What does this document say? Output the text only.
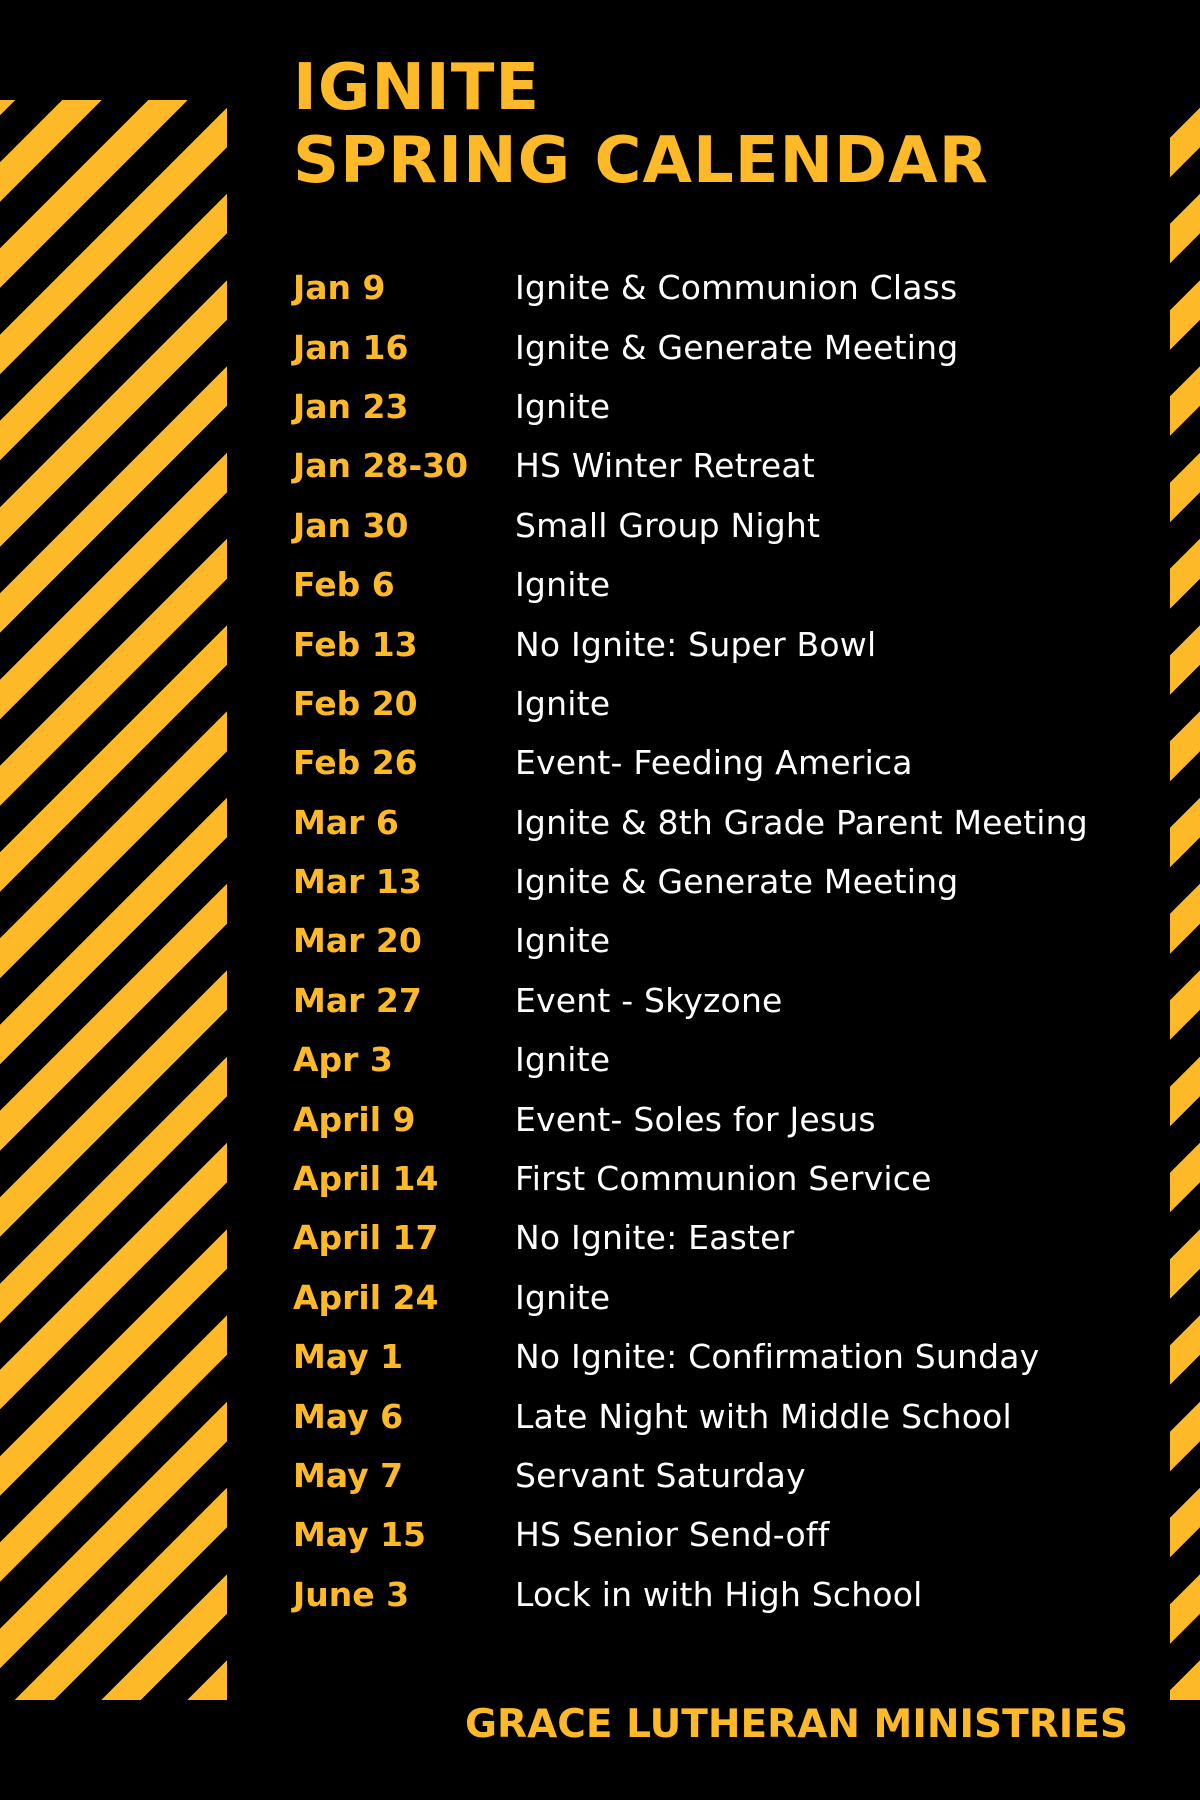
IGNITE
SPRING CALENDAR
Jan 9	Ignite & Communion Class
Jan 16	Ignite & Generate Meeting
Jan 23	Ignite
Jan 28-30	HS Winter Retreat
Jan 30	Small Group Night
Feb 6	Ignite
Feb 13	No Ignite: Super Bowl
Feb 20	Ignite
Feb 26	Event- Feeding America
Mar 6	Ignite & 8th Grade Parent Meeting
Mar 13	Ignite & Generate Meeting
Mar 20	Ignite
Mar 27	Event - Skyzone
Apr 3	Ignite
April 9	Event- Soles for Jesus
April 14	First Communion Service
April 17	No Ignite: Easter
April 24	Ignite
May 1	No Ignite: Confirmation Sunday
May 6	Late Night with Middle School
May 7	Servant Saturday
May 15	HS Senior Send-off
June 3	Lock in with High School
GRACE LUTHERAN MINISTRIES
